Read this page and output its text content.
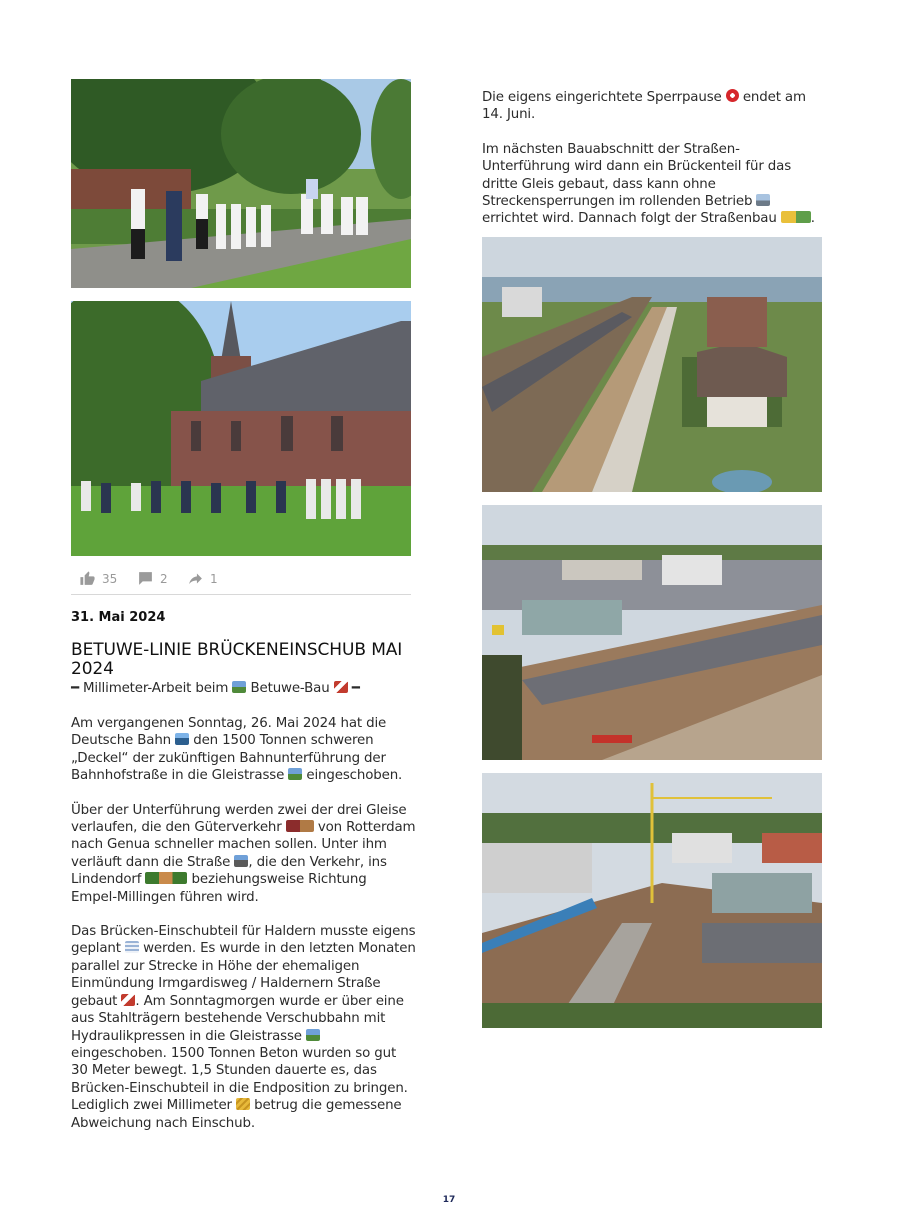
35	2	1
31. Mai 2024
BETUWE-LINIE BRÜCKENEINSCHUB MAI 2024
━ Millimeter-Arbeit beim Betuwe-Bau ━

Am vergangenen Sonntag, 26. Mai 2024 hat die Deutsche Bahn  den 1500 Tonnen schweren „Deckel“ der zukünftigen Bahnunterführung der Bahnhofstraße in die Gleistrasse  eingeschoben.

Über der Unterführung werden zwei der drei Gleise verlaufen, die den Güterverkehr  von Rotterdam nach Genua schneller machen sollen. Unter ihm verläuft dann die Straße , die den Verkehr, ins Lindendorf	beziehungsweise Richtung Empel-Millingen führen wird.

Das Brücken-Einschubteil für Haldern musste eigens geplant  werden. Es wurde in den letzten Monaten parallel zur Strecke in Höhe der ehemaligen Einmündung Irmgardisweg / Haldernern Straße gebaut . Am Sonntagmorgen wurde er über eine aus Stahlträgern bestehende Verschubbahn mit Hydraulikpressen in die Gleistrasse  eingeschoben. 1500 Tonnen Beton wurden so gut 30 Meter bewegt. 1,5 Stunden dauerte es, das Brücken-Einschubteil in die Endposition zu bringen. Lediglich zwei Millimeter  betrug die gemessene Abweichung nach Einschub.

Die eigens eingerichtete Sperrpause  endet am 14. Juni.

Im nächsten Bauabschnitt der Straßen-Unterführung wird dann ein Brückenteil für das dritte Gleis gebaut, dass kann ohne Streckensperrungen im rollenden Betrieb  errichtet wird. Dannach folgt der Straßenbau .

17
